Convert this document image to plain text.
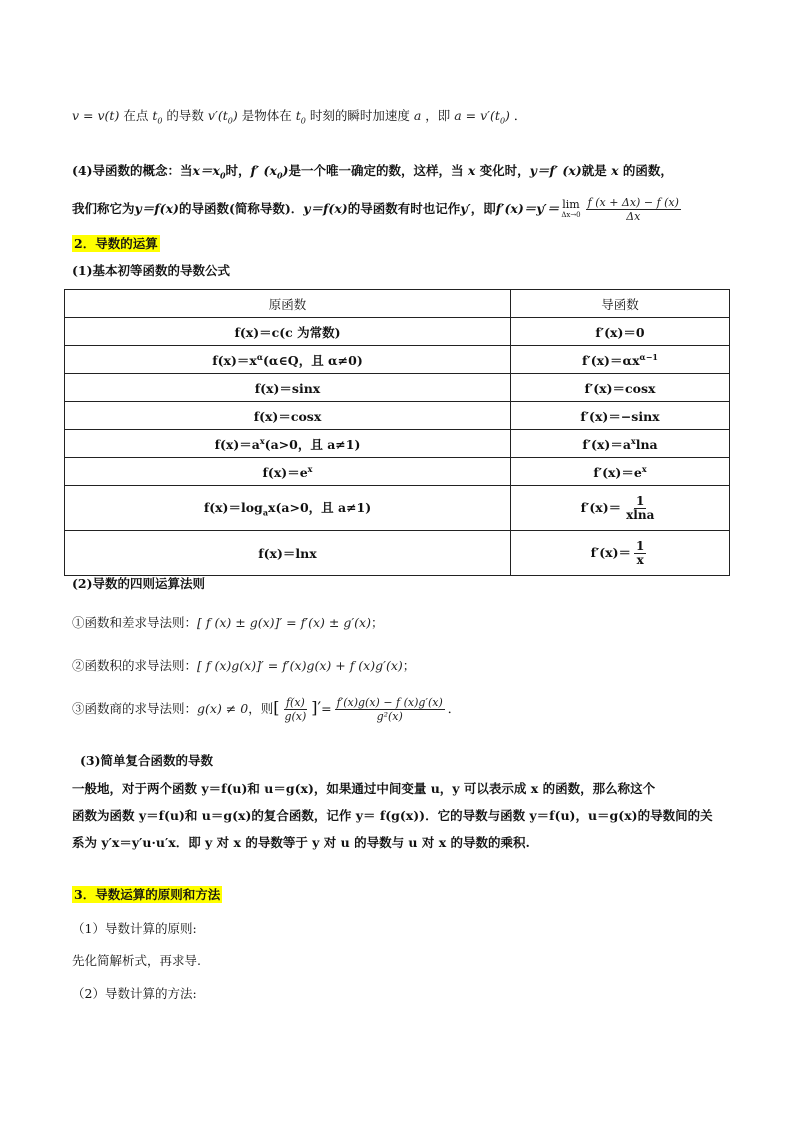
v = v(t) 在点 $t_0$ 的导数 $v'(t_0)$ 是物体在 $t_0$ 时刻的瞬时加速度 a ，即 $a = v'(t_0)$ ．
(4)导函数的概念：当$x=x_0$时，f′ $(x_0)$是一个唯一确定的数，这样，当 x 变化时，y＝f′ (x)就是 x 的函数，
我们称它为y＝f(x)的导函数(简称导数)．y＝f(x)的导函数有时也记作y′，即f′(x)＝y′＝ lim
$\Delta x\to 0 \frac{f (x + \Delta x) - f (x)}{\Delta x}$
2．导数的运算
(1)基本初等函数的导数公式
原函数	导函数
f(x)＝c(c 为常数)	f′(x)＝0
$f(x)=x^\alpha(\alpha\in Q$，且 α≠0)	$f'(x)=\alpha x^{\alpha-1}$
f(x)＝sinx	f′(x)＝cosx
f(x)＝cosx	f′(x)＝−sinx
$f(x)=a^x(a>0$，且 a≠1)	$f'(x)=a^x\ln a$
$f(x)=e^x$	$f'(x)=e^x$
$f(x)=\log_ax(a>0$，且 a≠1)	$f'(x)= \frac{1}{xlna}$

f(x)＝lnx	$f'(x)= \frac{1}{x}$
(2)导数的四则运算法则
①函数和差求导法则：[ f (x) ± g(x)]′ = f′(x) ± g′(x)；
②函数积的求导法则：[ f (x)g(x)]′ = f′(x)g(x) + f (x)g′(x)；
③函数商的求导法则：g(x) ≠ 0，则[ $\frac{f(x)}{g(x)}$ ]′= $\frac{f'(x)g(x) - f (x)g'(x)}{\text{g²(x)}}$ ．
(3)简单复合函数的导数
一般地，对于两个函数 y＝f(u)和 u＝g(x)，如果通过中间变量 u，y 可以表示成 x 的函数，那么称这个
函数为函数 y＝f(u)和 u＝g(x)的复合函数，记作 y＝ f(g(x))．它的导数与函数 y＝f(u)，u＝g(x)的导数间的关
系为 y′x＝y′u·u′x．即 y 对 x 的导数等于 y 对 u 的导数与 u 对 x 的导数的乘积.
3．导数运算的原则和方法
（1）导数计算的原则:
先化简解析式，再求导.
（2）导数计算的方法:
